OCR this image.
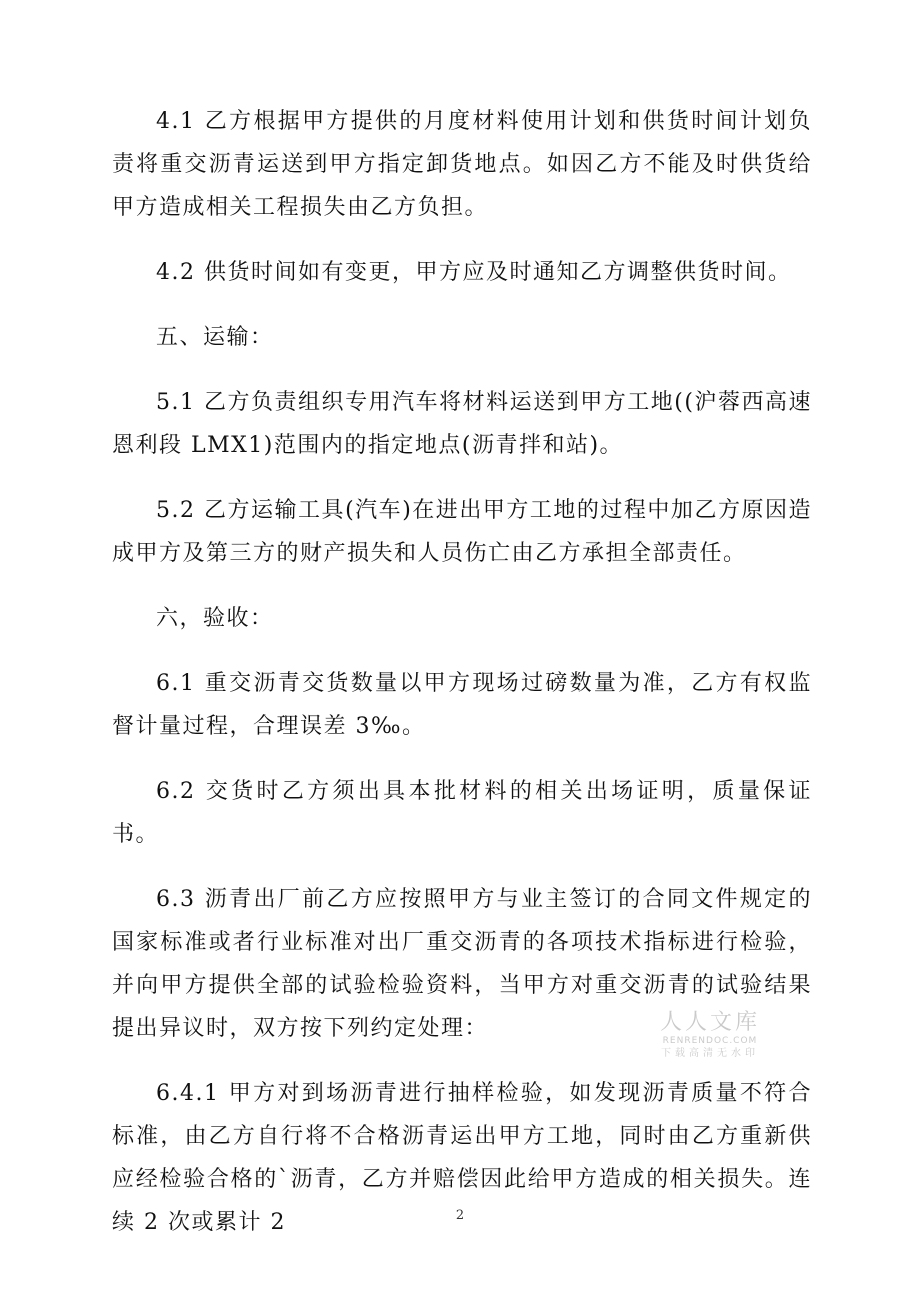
4.1 乙方根据甲方提供的月度材料使用计划和供货时间计划负责将重交沥青运送到甲方指定卸货地点。如因乙方不能及时供货给甲方造成相关工程损失由乙方负担。

4.2 供货时间如有变更，甲方应及时通知乙方调整供货时间。

五、运输：

5.1 乙方负责组织专用汽车将材料运送到甲方工地((沪蓉西高速恩利段 LMX1)范围内的指定地点(沥青拌和站)。

5.2 乙方运输工具(汽车)在进出甲方工地的过程中加乙方原因造成甲方及第三方的财产损失和人员伤亡由乙方承担全部责任。

六，验收：

6.1 重交沥青交货数量以甲方现场过磅数量为准，乙方有权监督计量过程，合理误差 3‰。

6.2 交货时乙方须出具本批材料的相关出场证明，质量保证书。

6.3 沥青出厂前乙方应按照甲方与业主签订的合同文件规定的国家标准或者行业标准对出厂重交沥青的各项技术指标进行检验，并向甲方提供全部的试验检验资料，当甲方对重交沥青的试验结果提出异议时，双方按下列约定处理：

6.4.1 甲方对到场沥青进行抽样检验，如发现沥青质量不符合标准，由乙方自行将不合格沥青运出甲方工地，同时由乙方重新供应经检验合格的`沥青，乙方并赔偿因此给甲方造成的相关损失。连续 2 次或累计 2

人人文库
RENRENDOC.COM
下载高清无水印
2
